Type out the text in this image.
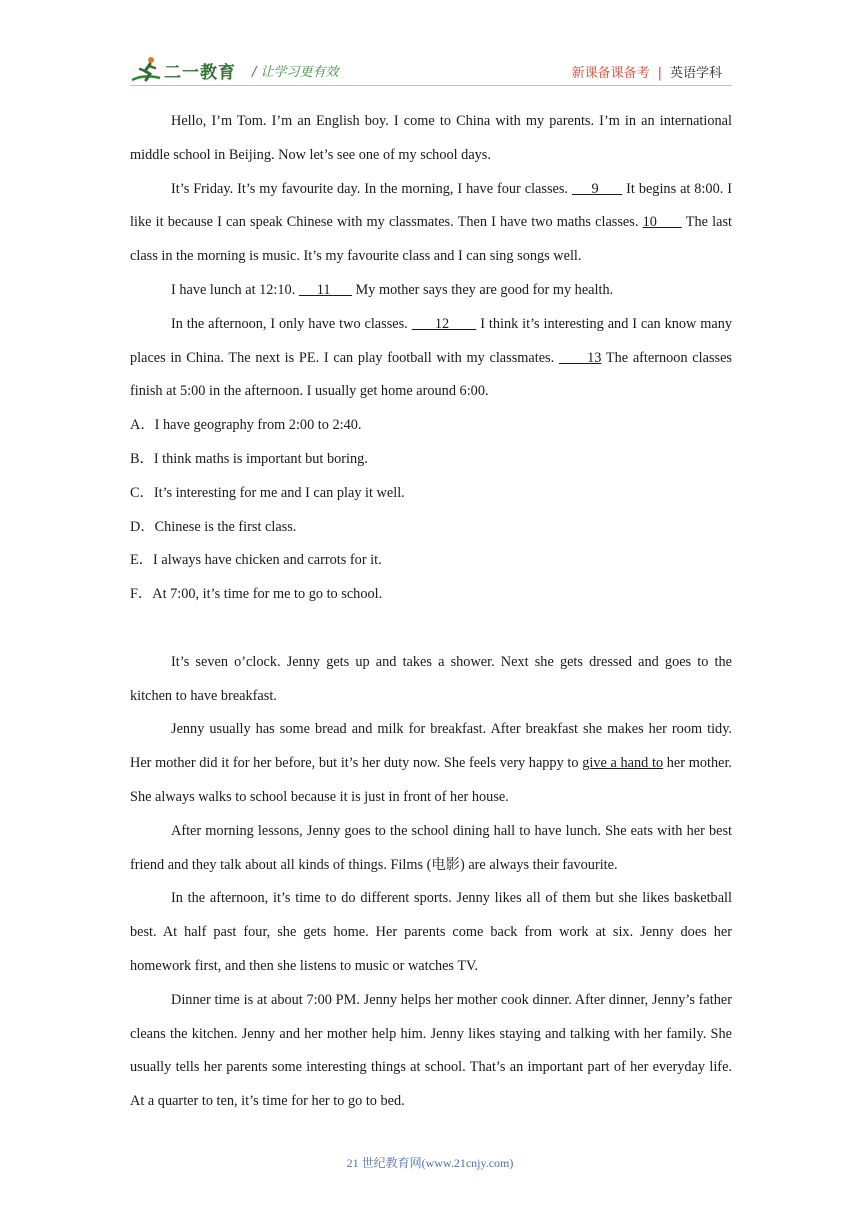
二一教育 / 让学习更有效	新课备课备考 | 英语学科

Hello, I’m Tom. I’m an English boy. I come to China with my parents. I’m in an international middle school in Beijing. Now let’s see one of my school days.

It’s Friday. It’s my favourite day. In the morning, I have four classes.      9       It begins at 8:00. I like it because I can speak Chinese with my classmates. Then I have two maths classes. 10       The last class in the morning is music. It’s my favourite class and I can sing songs well.

I have lunch at 12:10.      11       My mother says they are good for my health.

In the afternoon, I only have two classes.       12        I think it’s interesting and I can know many places in China. The next is PE. I can play football with my classmates.       13 The afternoon classes finish at 5:00 in the afternoon. I usually get home around 6:00.

A．I have geography from 2:00 to 2:40.

B．I think maths is important but boring.

C．It’s interesting for me and I can play it well.

D．Chinese is the first class.

E．I always have chicken and carrots for it.

F．At 7:00, it’s time for me to go to school.

It’s seven o’clock. Jenny gets up and takes a shower. Next she gets dressed and goes to the kitchen to have breakfast.

Jenny usually has some bread and milk for breakfast. After breakfast she makes her room tidy. Her mother did it for her before, but it’s her duty now. She feels very happy to give a hand to her mother. She always walks to school because it is just in front of her house.

After morning lessons, Jenny goes to the school dining hall to have lunch. She eats with her best friend and they talk about all kinds of things. Films (电影) are always their favourite.

In the afternoon, it’s time to do different sports. Jenny likes all of them but she likes basketball best. At half past four, she gets home. Her parents come back from work at six. Jenny does her homework first, and then she listens to music or watches TV.

Dinner time is at about 7:00 PM. Jenny helps her mother cook dinner. After dinner, Jenny’s father cleans the kitchen. Jenny and her mother help him. Jenny likes staying and talking with her family. She usually tells her parents some interesting things at school. That’s an important part of her everyday life. At a quarter to ten, it’s time for her to go to bed.

21 世纪教育网(www.21cnjy.com)
